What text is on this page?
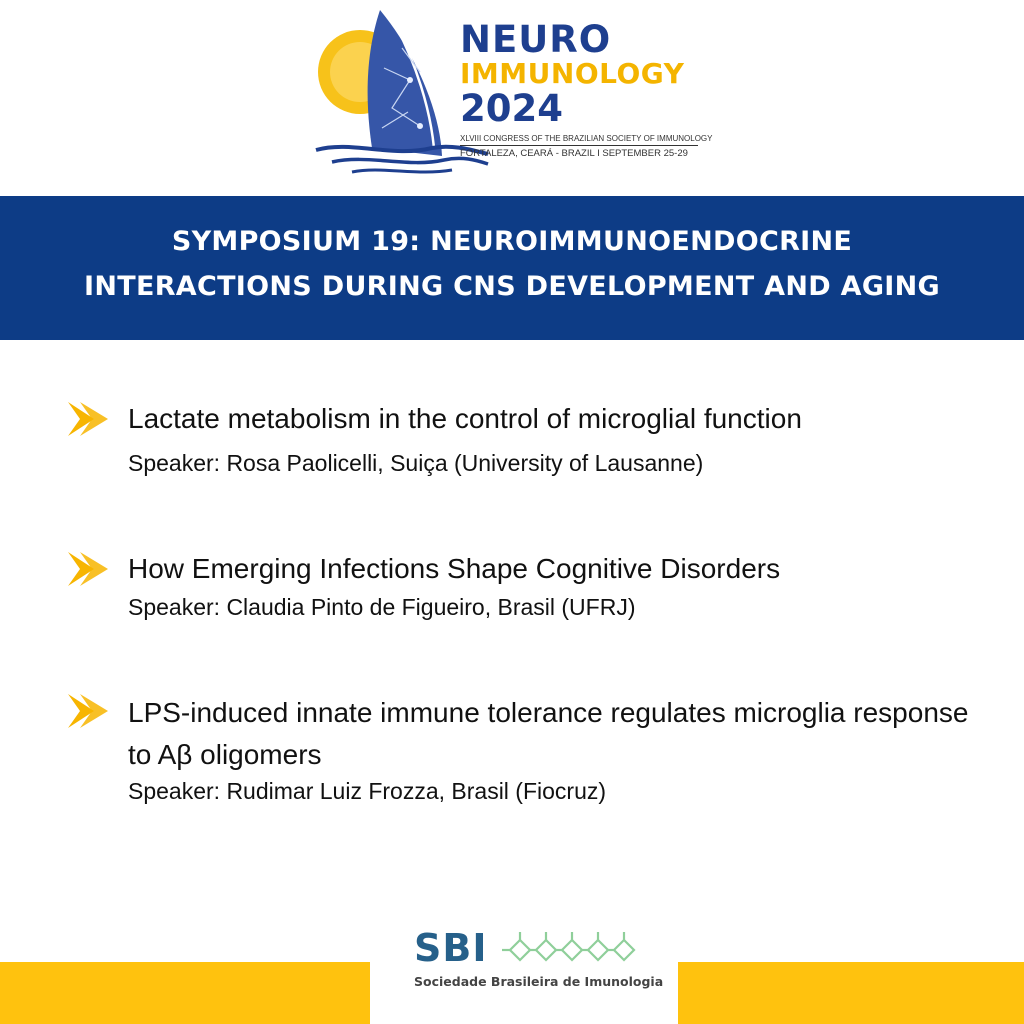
NEURO
IMMUNOLOGY
2024
XLVIII CONGRESS OF THE BRAZILIAN SOCIETY OF IMMUNOLOGY
FORTALEZA, CEARÁ - BRAZIL I SEPTEMBER 25-29
SYMPOSIUM 19: NEUROIMMUNOENDOCRINE
INTERACTIONS DURING CNS DEVELOPMENT AND AGING
Lactate metabolism in the control of microglial function
Speaker: Rosa Paolicelli, Suiça (University of Lausanne)
How Emerging Infections Shape Cognitive Disorders
Speaker: Claudia Pinto de Figueiro, Brasil (UFRJ)
LPS-induced innate immune tolerance regulates microglia response to Aβ oligomers
Speaker: Rudimar Luiz Frozza, Brasil (Fiocruz)
SBI
Sociedade Brasileira de Imunologia
